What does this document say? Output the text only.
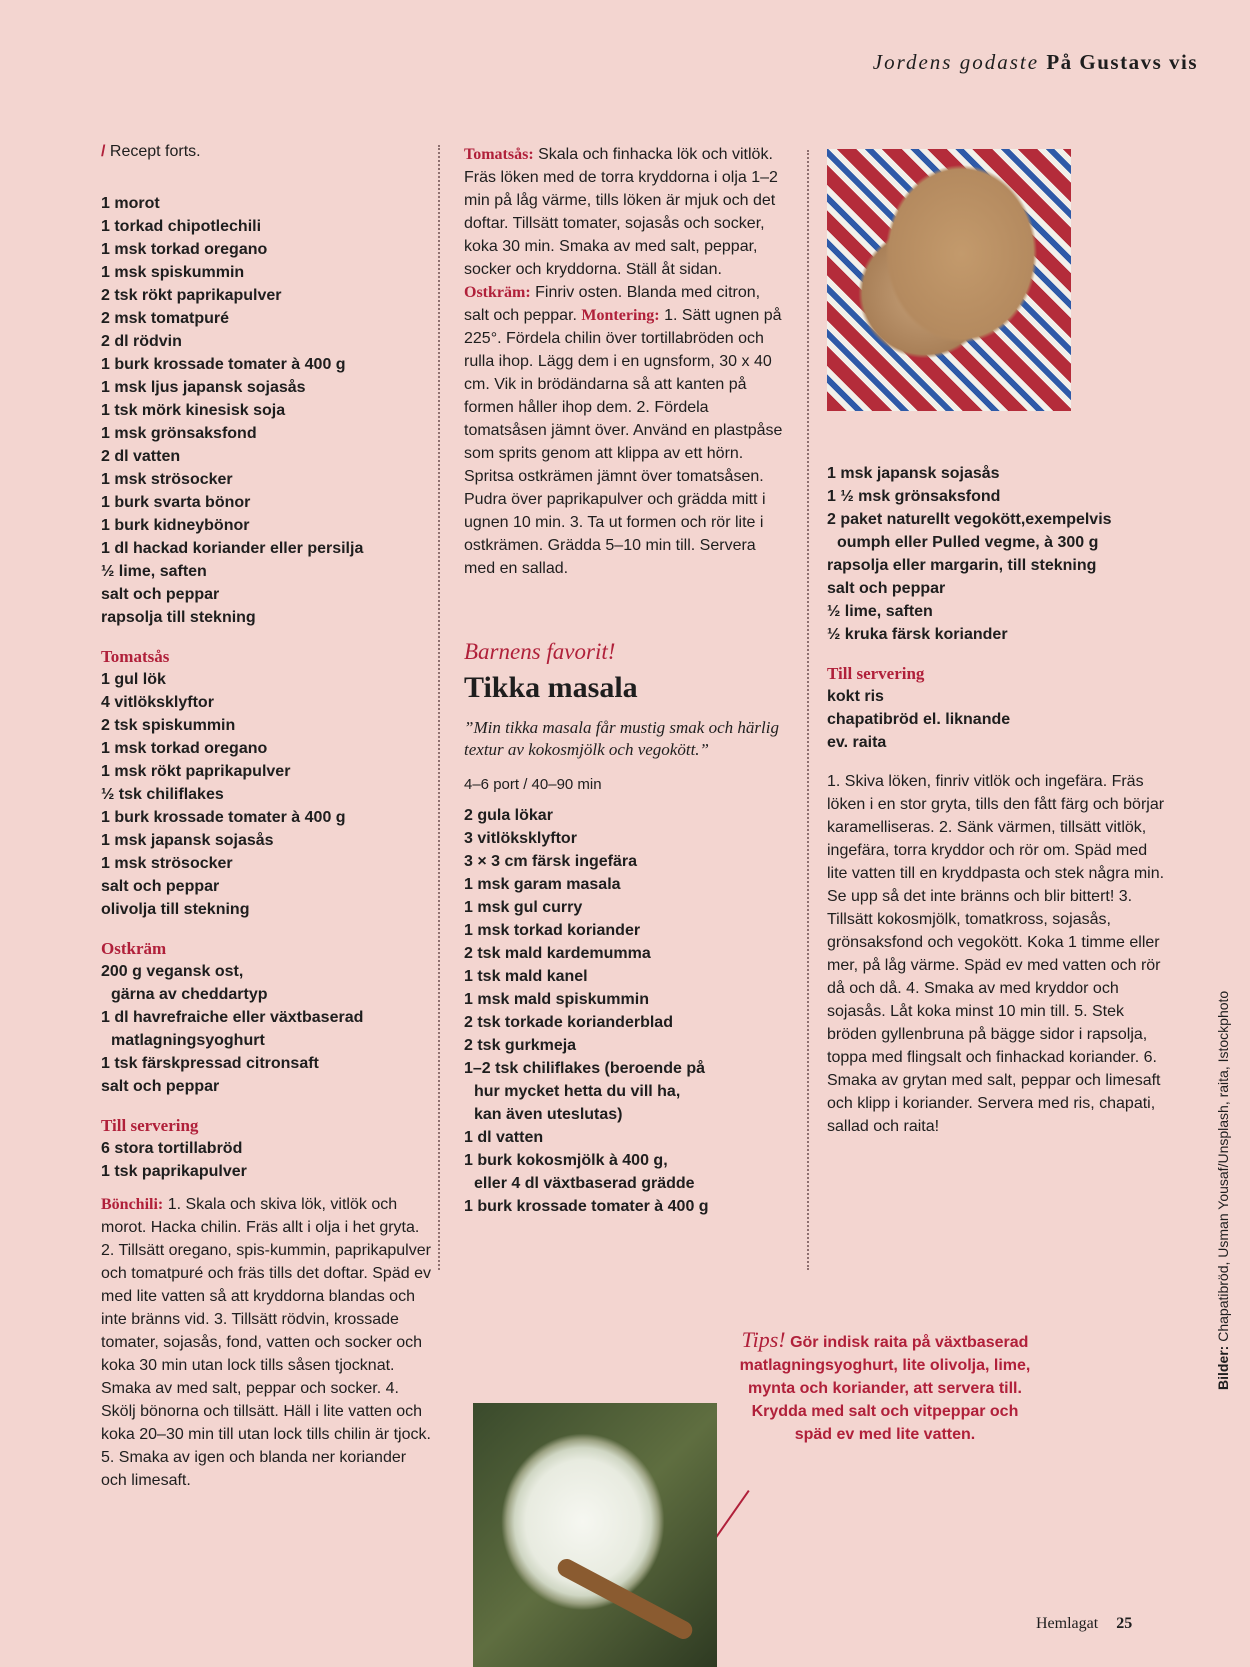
Jordens godaste På Gustavs vis
/ Recept forts.
1 morot
1 torkad chipotlechili
1 msk torkad oregano
1 msk spiskummin
2 tsk rökt paprikapulver
2 msk tomatpuré
2 dl rödvin
1 burk krossade tomater à 400 g
1 msk ljus japansk sojasås
1 tsk mörk kinesisk soja
1 msk grönsaksfond
2 dl vatten
1 msk strösocker
1 burk svarta bönor
1 burk kidneybönor
1 dl hackad koriander eller persilja
½ lime, saften
salt och peppar
rapsolja till stekning
Tomatsås
1 gul lök
4 vitlöksklyftor
2 tsk spiskummin
1 msk torkad oregano
1 msk rökt paprikapulver
½ tsk chiliflakes
1 burk krossade tomater à 400 g
1 msk japansk sojasås
1 msk strösocker
salt och peppar
olivolja till stekning
Ostkräm
200 g vegansk ost,
gärna av cheddartyp
1 dl havrefraiche eller växtbaserad
matlagningsyoghurt
1 tsk färskpressad citronsaft
salt och peppar
Till servering
6 stora tortillabröd
1 tsk paprikapulver
Bönchili: 1. Skala och skiva lök, vitlök och morot. Hacka chilin. Fräs allt i olja i het gryta. 2. Tillsätt oregano, spis-kummin, paprikapulver och tomatpuré och fräs tills det doftar. Späd ev med lite vatten så att kryddorna blandas och inte bränns vid. 3. Tillsätt rödvin, krossade tomater, sojasås, fond, vatten och socker och koka 30 min utan lock tills såsen tjocknat. Smaka av med salt, peppar och socker. 4. Skölj bönorna och tillsätt. Häll i lite vatten och koka 20–30 min till utan lock tills chilin är tjock. 5. Smaka av igen och blanda ner koriander och limesaft.
Tomatsås: Skala och finhacka lök och vitlök. Fräs löken med de torra kryddorna i olja 1–2 min på låg värme, tills löken är mjuk och det doftar. Tillsätt tomater, sojasås och socker, koka 30 min. Smaka av med salt, peppar, socker och kryddorna. Ställ åt sidan. Ostkräm: Finriv osten. Blanda med citron, salt och peppar. Montering: 1. Sätt ugnen på 225°. Fördela chilin över tortillabröden och rulla ihop. Lägg dem i en ugnsform, 30 x 40 cm. Vik in brödändarna så att kanten på formen håller ihop dem. 2. Fördela tomatsåsen jämnt över. Använd en plastpåse som sprits genom att klippa av ett hörn. Spritsa ostkrämen jämnt över tomatsåsen. Pudra över paprikapulver och grädda mitt i ugnen 10 min. 3. Ta ut formen och rör lite i ostkrämen. Grädda 5–10 min till. Servera med en sallad.
Barnens favorit!
Tikka masala
”Min tikka masala får mustig smak och härlig textur av kokosmjölk och vegokött.”
4–6 port / 40–90 min
2 gula lökar
3 vitlöksklyftor
3 × 3 cm färsk ingefära
1 msk garam masala
1 msk gul curry
1 msk torkad koriander
2 tsk mald kardemumma
1 tsk mald kanel
1 msk mald spiskummin
2 tsk torkade korianderblad
2 tsk gurkmeja
1–2 tsk chiliflakes (beroende på
hur mycket hetta du vill ha,
kan även uteslutas)
1 dl vatten
1 burk kokosmjölk à 400 g,
eller 4 dl växtbaserad grädde
1 burk krossade tomater à 400 g
1 msk japansk sojasås
1 ½ msk grönsaksfond
2 paket naturellt vegokött,exempelvis
oumph eller Pulled vegme, à 300 g
rapsolja eller margarin, till stekning
salt och peppar
½ lime, saften
½ kruka färsk koriander
Till servering
kokt ris
chapatibröd el. liknande
ev. raita
1. Skiva löken, finriv vitlök och ingefära. Fräs löken i en stor gryta, tills den fått färg och börjar karamelliseras. 2. Sänk värmen, tillsätt vitlök, ingefära, torra kryddor och rör om. Späd med lite vatten till en kryddpasta och stek några min. Se upp så det inte bränns och blir bittert! 3. Tillsätt kokosmjölk, tomatkross, sojasås, grönsaksfond och vegokött. Koka 1 timme eller mer, på låg värme. Späd ev med vatten och rör då och då. 4. Smaka av med kryddor och sojasås. Låt koka minst 10 min till. 5. Stek bröden gyllenbruna på bägge sidor i rapsolja, toppa med flingsalt och finhackad koriander. 6. Smaka av grytan med salt, peppar och limesaft och klipp i koriander. Servera med ris, chapati, sallad och raita!
Tips! Gör indisk raita på växtbaserad matlagningsyoghurt, lite olivolja, lime, mynta och koriander, att servera till. Krydda med salt och vitpeppar och späd ev med lite vatten.
Bilder: Chapatibröd, Usman Yousaf/Unsplash, raita, Istockphoto
Hemlagat 25
